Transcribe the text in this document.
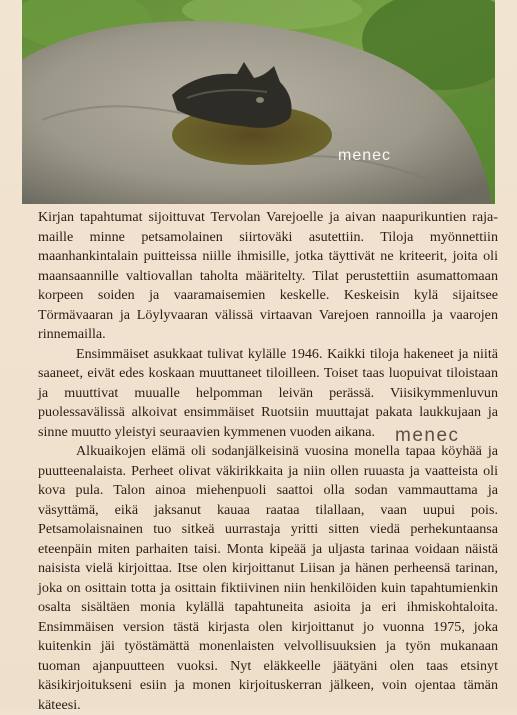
menec

Kirjan tapahtumat sijoittuvat Tervolan Varejoelle ja aivan naapurikuntien raja-maille minne petsamolainen siirtoväki asutettiin. Tiloja myönnettiin maanhankintalain puitteissa niille ihmisille, jotka täyttivät ne kriteerit, joita oli maansaannille valtiovallan taholta määritelty. Tilat perustettiin asumattomaan korpeen soiden ja vaaramaisemien keskelle. Keskeisin kylä sijaitsee Törmävaaran ja Löylyvaaran välissä virtaavan Varejoen rannoilla ja vaarojen rinnemailla.

Ensimmäiset asukkaat tulivat kylälle 1946. Kaikki tiloja hakeneet ja niitä saaneet, eivät edes koskaan muuttaneet tiloilleen. Toiset taas luopuivat tiloistaan ja muuttivat muualle helpomman leivän perässä. Viisikymmenluvun puolessavälissä alkoivat ensimmäiset Ruotsiin muuttajat pakata laukkujaan ja sinne muutto yleistyi seuraavien kymmenen vuoden aikana.

Alkuaikojen elämä oli sodanjälkeisinä vuosina monella tapaa köyhää ja puutteenalaista. Perheet olivat väkirikkaita ja niin ollen ruuasta ja vaatteista oli kova pula. Talon ainoa miehenpuoli saattoi olla sodan vammauttama ja väsyttämä, eikä jaksanut kauaa raataa tilallaan, vaan uupui pois. Petsamolaisnainen tuo sitkeä uurrastaja yritti sitten viedä perhekuntaansa eteenpäin miten parhaiten taisi. Monta kipeää ja uljasta tarinaa voidaan näistä naisista vielä kirjoittaa. Itse olen kirjoittanut Liisan ja hänen perheensä tarinan, joka on osittain totta ja osittain fiktiivinen niin henkilöiden kuin tapahtumienkin osalta sisältäen monia kylällä tapahtuneita asioita ja eri ihmiskohtaloita. Ensimmäisen version tästä kirjasta olen kirjoittanut jo vuonna 1975, joka kuitenkin jäi työstämättä monenlaisten velvollisuuksien ja työn mukanaan tuoman ajanpuutteen vuoksi. Nyt eläkkeelle jäätyäni olen taas etsinyt käsikirjoitukseni esiin ja monen kirjoituskerran jälkeen, voin ojentaa tämän käteesi.

menec
